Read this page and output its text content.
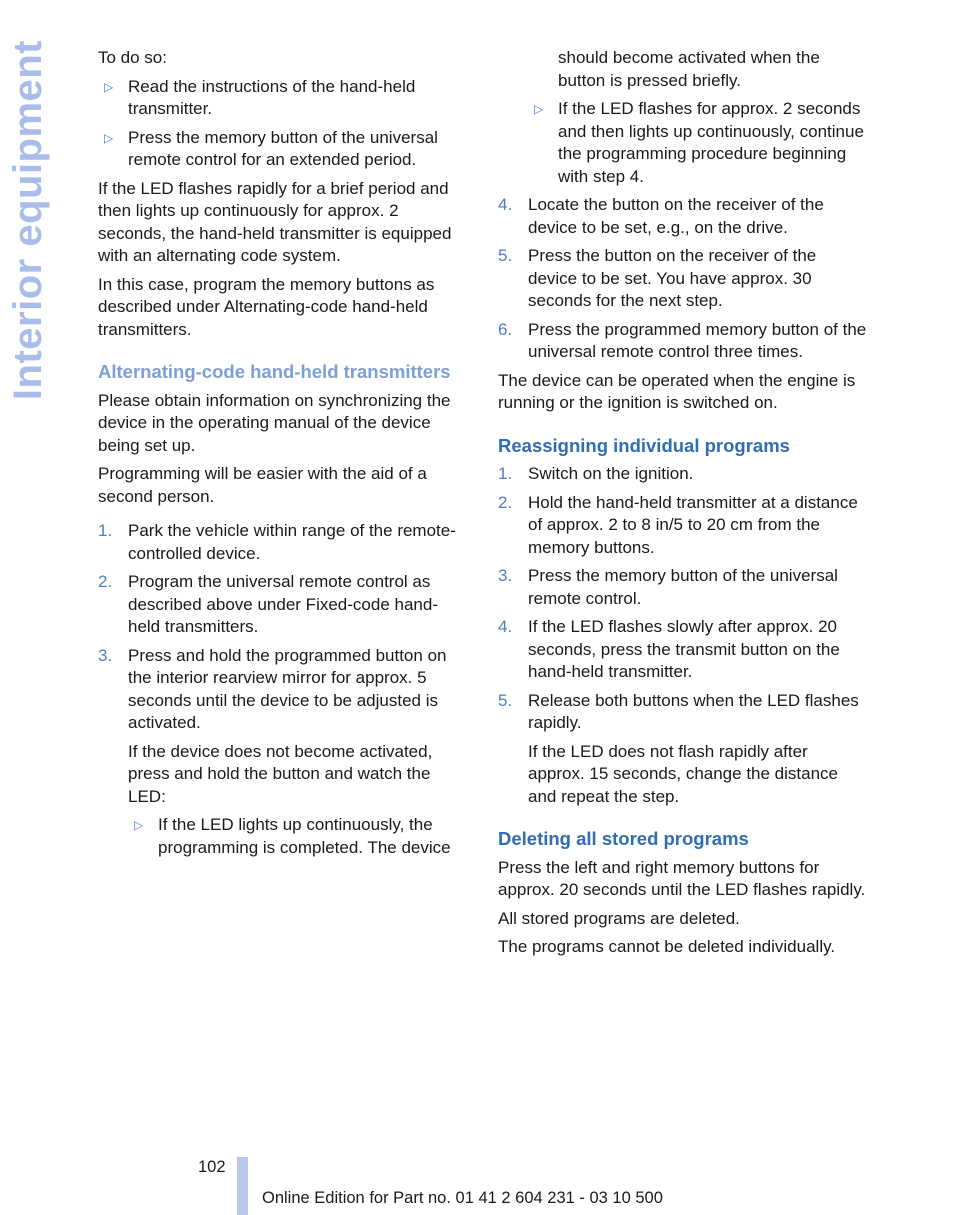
Interior equipment	To do so:

▷ Read the instructions of the hand-held transmitter.
▷ Press the memory button of the universal remote control for an extended period.

If the LED flashes rapidly for a brief period and then lights up continuously for approx. 2 seconds, the hand-held transmitter is equipped with an alternating code system.

In this case, program the memory buttons as described under Alternating-code hand-held transmitters.

Alternating-code hand-held transmitters

Please obtain information on synchronizing the device in the operating manual of the device being set up.

Programming will be easier with the aid of a second person.

1. Park the vehicle within range of the remote-controlled device.
2. Program the universal remote control as described above under Fixed-code hand-held transmitters.
3. Press and hold the programmed button on the interior rearview mirror for approx. 5 seconds until the device to be adjusted is activated.

If the device does not become activated, press and hold the button and watch the LED:

▷ If the LED lights up continuously, the programming is completed. The device

should become activated when the button is pressed briefly.

▷ If the LED flashes for approx. 2 seconds and then lights up continuously, continue the programming procedure beginning with step 4.
4. Locate the button on the receiver of the device to be set, e.g., on the drive.
5. Press the button on the receiver of the device to be set. You have approx. 30 seconds for the next step.
6. Press the programmed memory button of the universal remote control three times.

The device can be operated when the engine is running or the ignition is switched on.

Reassigning individual programs
1. Switch on the ignition.
2. Hold the hand-held transmitter at a distance of approx. 2 to 8 in/5 to 20 cm from the memory buttons.
3. Press the memory button of the universal remote control.
4. If the LED flashes slowly after approx. 20 seconds, press the transmit button on the hand-held transmitter.
5. Release both buttons when the LED flashes rapidly.

If the LED does not flash rapidly after approx. 15 seconds, change the distance and repeat the step.

Deleting all stored programs

Press the left and right memory buttons for approx. 20 seconds until the LED flashes rapidly.

All stored programs are deleted.

The programs cannot be deleted individually.

102
Online Edition for Part no. 01 41 2 604 231 - 03 10 500
